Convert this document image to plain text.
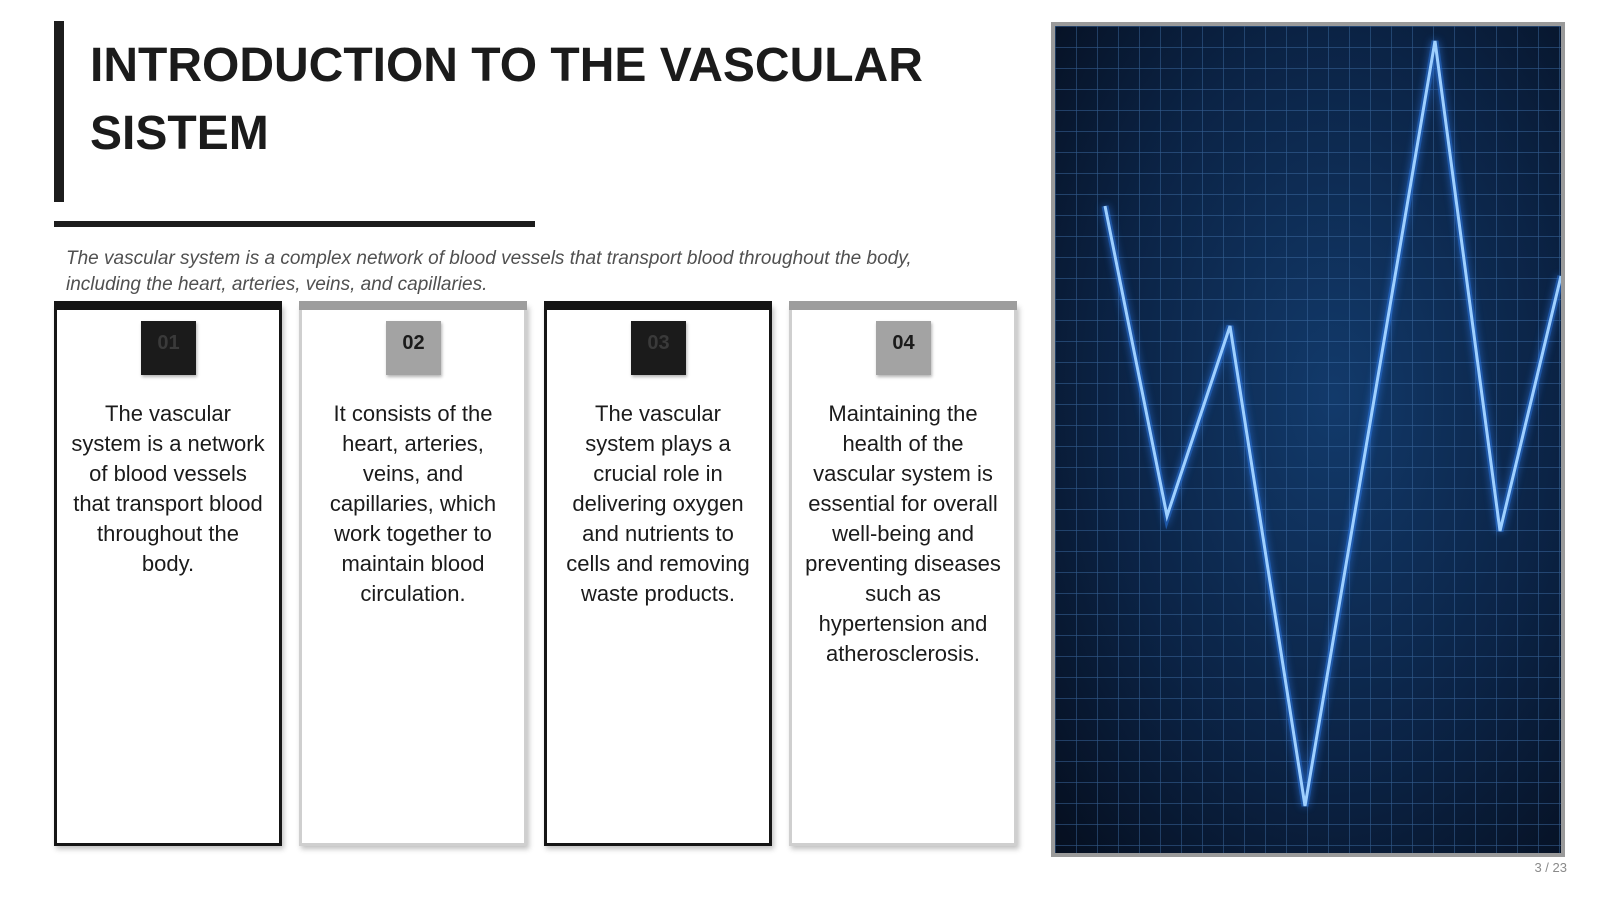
INTRODUCTION TO THE VASCULAR SISTEM

The vascular system is a complex network of blood vessels that transport blood throughout the body, including the heart, arteries, veins, and capillaries.

01

The vascular system is a network of blood vessels that transport blood throughout the body.

02

It consists of the heart, arteries, veins, and capillaries, which work together to maintain blood circulation.

03

The vascular system plays a crucial role in delivering oxygen and nutrients to cells and removing waste products.

04

Maintaining the health of the vascular system is essential for overall well-being and preventing diseases such as hypertension and atherosclerosis.

3 / 23
